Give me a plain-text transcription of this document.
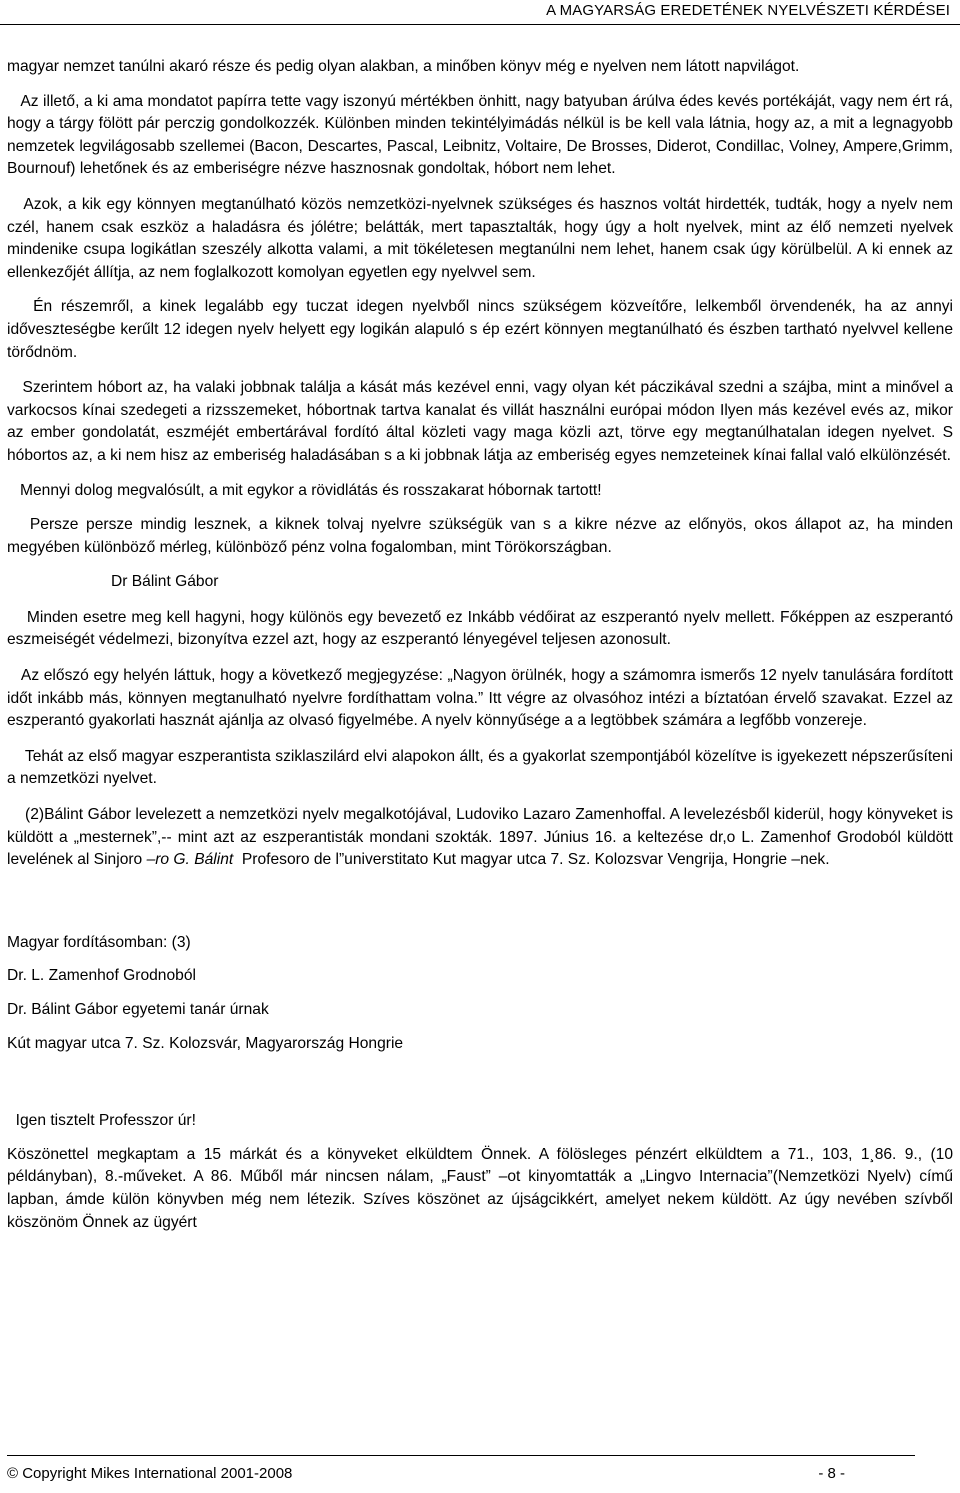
A MAGYARSÁG EREDETÉNEK NYELVÉSZETI KÉRDÉSEI

magyar nemzet tanúlni akaró része és pedig olyan alakban, a minőben könyv még e nyelven nem látott napvilágot.

Az illető, a ki ama mondatot papírra tette vagy iszonyú mértékben önhitt, nagy batyuban árúlva édes kevés portékáját, vagy nem ért rá, hogy a tárgy fölött pár perczig gondolkozzék. Különben minden tekintélyimádás nélkül is be kell vala látnia, hogy az, a mit a legnagyobb nemzetek legvilágosabb szellemei (Bacon, Descartes, Pascal, Leibnitz, Voltaire, De Brosses, Diderot, Condillac, Volney, Ampere,Grimm, Bournouf) lehetőnek és az emberiségre nézve hasznosnak gondoltak, hóbort nem lehet.

Azok, a kik egy könnyen megtanúlható közös nemzetközi-nyelvnek szükséges és hasznos voltát hirdették, tudták, hogy a nyelv nem czél, hanem csak eszköz a haladásra és jólétre; belátták, mert tapasztalták, hogy úgy a holt nyelvek, mint az élő nemzeti nyelvek mindenike csupa logikátlan szeszély alkotta valami, a mit tökéletesen megtanúlni nem lehet, hanem csak úgy körülbelül. A ki ennek az ellenkezőjét állítja, az nem foglalkozott komolyan egyetlen egy nyelvvel sem.

Én részemről, a kinek legalább egy tuczat idegen nyelvből nincs szükségem közveítőre, lelkemből örvendenék, ha az annyi időveszteségbe kerűlt 12 idegen nyelv helyett egy logikán alapuló s ép ezért könnyen megtanúlható és észben tartható nyelvvel kellene törődnöm.

Szerintem hóbort az, ha valaki jobbnak találja a kását más kezével enni, vagy olyan két páczikával szedni a szájba, mint a minővel a varkocsos kínai szedegeti a rizsszemeket, hóbortnak tartva kanalat és villát használni európai módon Ilyen más kezével evés az, mikor az ember gondolatát, eszméjét embertárával fordító által közleti vagy maga közli azt, törve egy megtanúlhatalan idegen nyelvet. S hóbortos az, a ki nem hisz az emberiség haladásában s a ki jobbnak látja az emberiség egyes nemzeteinek kínai fallal való elkülönzését.

Mennyi dolog megvalósúlt, a mit egykor a rövidlátás és rosszakarat hóbornak tartott!

Persze persze mindig lesznek, a kiknek tolvaj nyelvre szükségük van s a kikre nézve az előnyös, okos állapot az, ha minden megyében különböző mérleg, különböző pénz volna fogalomban, mint Törökországban.

Dr Bálint Gábor

Minden esetre meg kell hagyni, hogy különös egy bevezető ez Inkább védőirat az eszperantó nyelv mellett. Főképpen az eszperantó eszmeiségét védelmezi, bizonyítva ezzel azt, hogy az eszperantó lényegével teljesen azonosult.

Az előszó egy helyén láttuk, hogy a következő megjegyzése: „Nagyon örülnék, hogy a számomra ismerős 12 nyelv tanulására fordított időt inkább más, könnyen megtanulható nyelvre fordíthattam volna.” Itt végre az olvasóhoz intézi a bíztatóan érvelő szavakat. Ezzel az eszperantó gyakorlati hasznát ajánlja az olvasó figyelmébe. A nyelv könnyűsége a a legtöbbek számára a legfőbb vonzereje.

Tehát az első magyar eszperantista sziklaszilárd elvi alapokon állt, és a gyakorlat szempontjából közelítve is igyekezett népszerűsíteni a nemzetközi nyelvet.

(2)Bálint Gábor levelezett a nemzetközi nyelv megalkotójával, Ludoviko Lazaro Zamenhoffal. A levelezésből kiderül, hogy könyveket is küldött a „mesternek”,-- mint azt az eszperantisták mondani szokták. 1897. Június 16. a keltezése dr,o L. Zamenhof Grodoból küldött levelének al Sinjoro –ro G. Bálint  Profesoro de l”universtitato Kut magyar utca 7. Sz. Kolozsvar Vengrija, Hongrie –nek.

Magyar fordításomban: (3)

Dr. L. Zamenhof Grodnoból

Dr. Bálint Gábor egyetemi tanár úrnak

Kút magyar utca 7. Sz. Kolozsvár, Magyarország Hongrie

Igen tisztelt Professzor úr!

Köszönettel megkaptam a 15 márkát és a könyveket elküldtem Önnek. A fölösleges pénzért elküldtem a 71., 103, 1¸86. 9., (10 példányban), 8.-műveket. A 86. Műből már nincsen nálam, „Faust” –ot kinyomtatták a „Lingvo Internacia”(Nemzetközi Nyelv) című lapban, ámde külön könyvben még nem létezik. Szíves köszönet az újságcikkért, amelyet nekem küldött. Az úgy nevében szívből köszönöm Önnek az ügyért

© Copyright Mikes International 2001-2008	- 8 -
